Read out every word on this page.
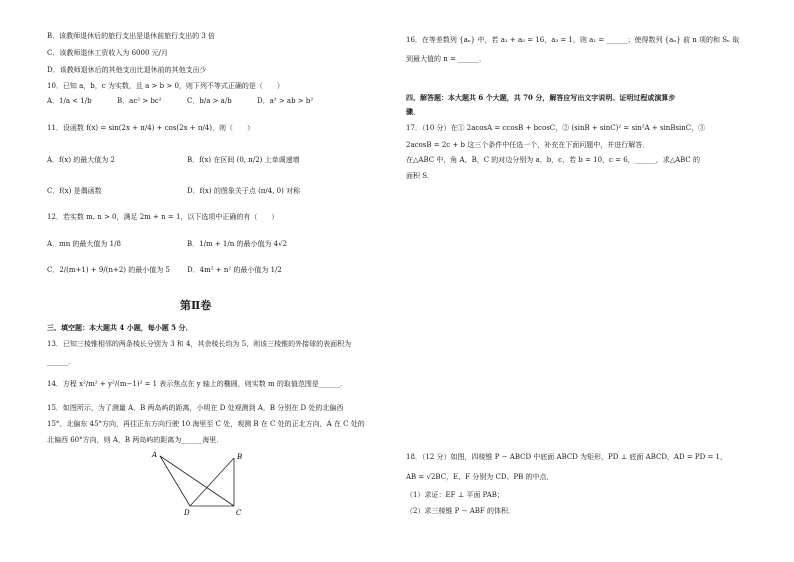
B．该教师退休后的旅行支出是退休前旅行支出的 3 倍
C．该教师退休工资收入为 6000 元/月
D．该教师退休后的其他支出比退休前的其他支出少
10．已知 a，b，c 为实数，且 a > b > 0，则下列不等式正确的是（　　）
A．1/a < 1/b	B．ac² > bc²	C．b/a > a/b	D．a² > ab > b²
11．设函数 f(x) = sin(2x + π/4) + cos(2x + π/4)，则（　　）
A．f(x) 的最大值为 2	B．f(x) 在区间 (0, π/2) 上单调递增
C．f(x) 是偶函数	D．f(x) 的图象关于点 (π/4, 0) 对称
12．若实数 m, n > 0，满足 2m + n = 1，以下选项中正确的有（　　）
A．mn 的最大值为 1/8	B．1/m + 1/n 的最小值为 4√2
C．2/(m+1) + 9/(n+2) 的最小值为 5 D．4m² + n² 的最小值为 1/2
第Ⅱ卷
三、填空题：本大题共 4 小题，每小题 5 分．
13．已知三棱锥相邻的两条棱长分别为 3 和 4，其余棱长均为 5，则该三棱锥的外接球的表面积为
______．
14．方程 x²/m² + y²/(m−1)² = 1 表示焦点在 y 轴上的椭圆，则实数 m 的取值范围是______．
15．如图所示，为了测量 A，B 两岛屿的距离，小明在 D 处观测到 A，B 分别在 D 处的北偏西
15°、北偏东 45°方向，再往正东方向行驶 10 海里至 C 处，观测 B 在 C 处的正北方向，A 在 C 处的
北偏西 60°方向，则 A，B 两岛屿的距离为______海里．
A	B
D	C
16．在等差数列 {aₙ} 中，若 a₁ + a₅ = 16，a₃ = 1，则 a₁ = ______；使得数列 {aₙ} 前 n 项的和 Sₙ 取
到最大值的 n = ______．
四、解答题：本大题共 6 个大题，共 70 分，解答应写出文字说明、证明过程或演算步
骤．
17．（10 分）在① 2acosA = ccosB + bcosC，② (sinB + sinC)² = sin²A + sinBsinC，③
2acosB = 2c + b 这三个条件中任选一个，补充在下面问题中，并进行解答．
在△ABC 中，角 A，B，C 的对边分别为 a，b，c，若 b = 10，c = 6，______，求△ABC 的
面积 S．
18．（12 分）如图，四棱锥 P − ABCD 中底面 ABCD 为矩形，PD ⊥ 底面 ABCD，AD = PD = 1，
AB = √2BC，E、F 分别为 CD、PB 的中点．
（1）求证：EF ⊥ 平面 PAB；
（2）求三棱锥 P − ABF 的体积．
